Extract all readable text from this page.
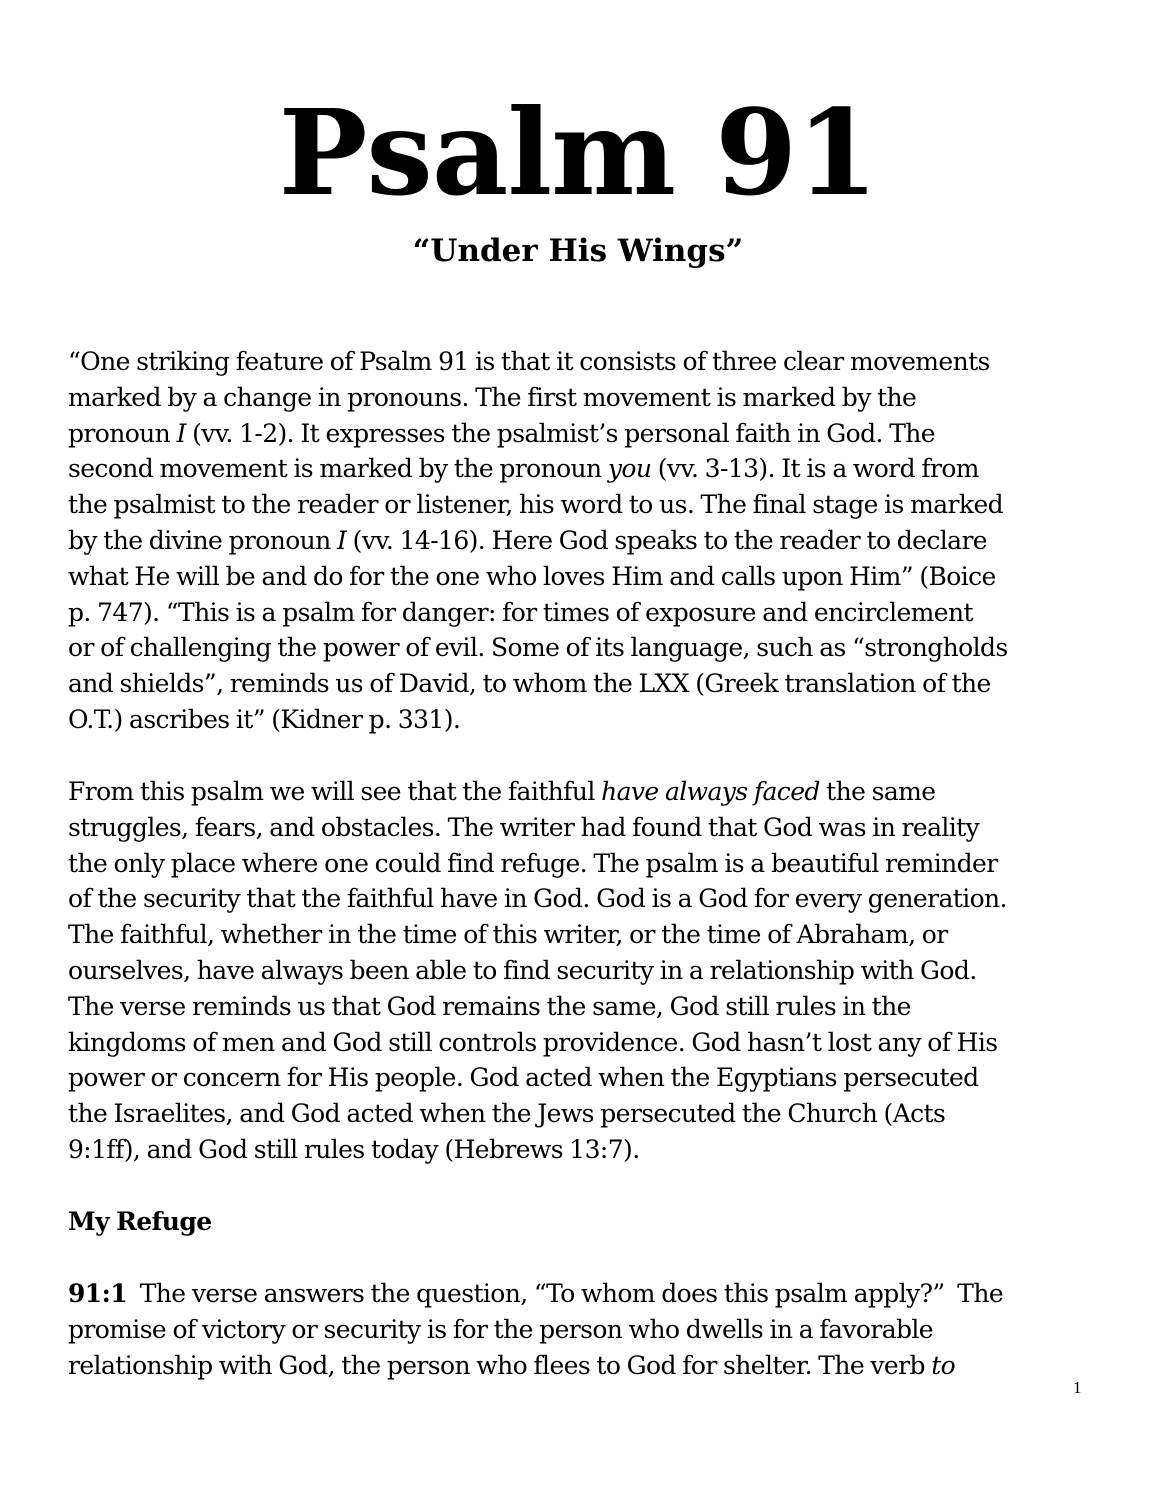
Psalm 91
“Under His Wings”
“One striking feature of Psalm 91 is that it consists of three clear movements
marked by a change in pronouns. The first movement is marked by the
pronoun I (vv. 1-2). It expresses the psalmist’s personal faith in God. The
second movement is marked by the pronoun you (vv. 3-13). It is a word from
the psalmist to the reader or listener, his word to us. The final stage is marked
by the divine pronoun I (vv. 14-16). Here God speaks to the reader to declare
what He will be and do for the one who loves Him and calls upon Him” (Boice
p. 747). “This is a psalm for danger: for times of exposure and encirclement
or of challenging the power of evil. Some of its language, such as “strongholds
and shields”, reminds us of David, to whom the LXX (Greek translation of the
O.T.) ascribes it” (Kidner p. 331).
From this psalm we will see that the faithful have always faced the same
struggles, fears, and obstacles. The writer had found that God was in reality
the only place where one could find refuge. The psalm is a beautiful reminder
of the security that the faithful have in God. God is a God for every generation.
The faithful, whether in the time of this writer, or the time of Abraham, or
ourselves, have always been able to find security in a relationship with God.
The verse reminds us that God remains the same, God still rules in the
kingdoms of men and God still controls providence. God hasn’t lost any of His
power or concern for His people. God acted when the Egyptians persecuted
the Israelites, and God acted when the Jews persecuted the Church (Acts
9:1ff), and God still rules today (Hebrews 13:7).
My Refuge
91:1  The verse answers the question, “To whom does this psalm apply?”  The
promise of victory or security is for the person who dwells in a favorable
relationship with God, the person who flees to God for shelter. The verb to
1
